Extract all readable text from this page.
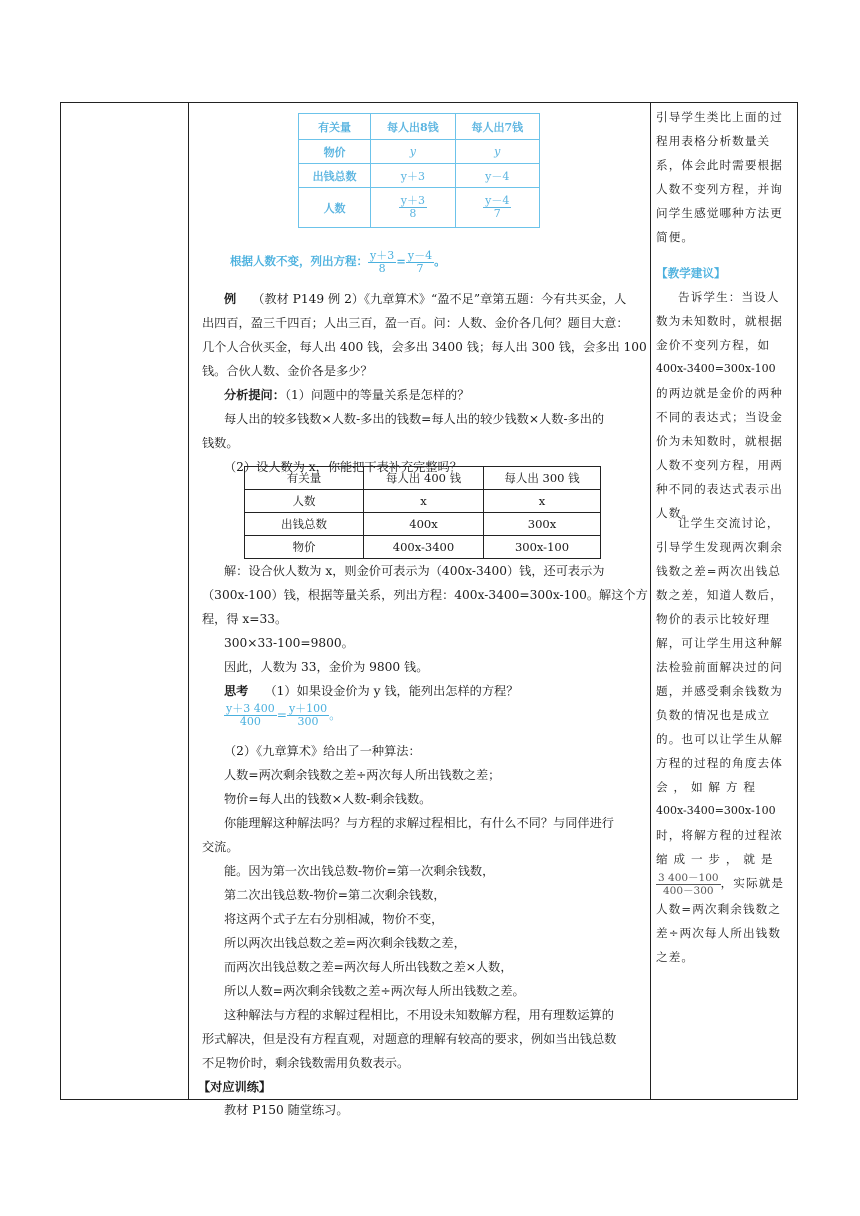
有关量	每人出8钱	每人出7钱
物价	y	y
出钱总数	y＋3	y－4
人数	$\frac{y+3}{8}$	$\frac{y-4}{7}$
根据人数不变，列出方程： $\frac{y+3}{8} = \frac{y-4}{7}$ 。
例　 （教材 P149 例 2）《九章算术》“盈不足”章第五题：今有共买金，人
出四百，盈三千四百；人出三百，盈一百。问：人数、金价各几何？题目大意：
几个人合伙买金，每人出 400 钱，会多出 3400 钱；每人出 300 钱，会多出 100
钱。合伙人数、金价各是多少？
分析提问：（1）问题中的等量关系是怎样的？
每人出的较多钱数×人数-多出的钱数=每人出的较少钱数×人数-多出的
钱数。
（2）设人数为 x，你能把下表补充完整吗？
有关量	每人出 400 钱	每人出 300 钱
人数	x	x
出钱总数	400x	300x
物价	400x-3400	300x-100
解：设合伙人数为 x，则金价可表示为（400x-3400）钱，还可表示为
（300x-100）钱，根据等量关系，列出方程：400x-3400=300x-100。解这个方
程，得 x=33。
300×33-100=9800。
因此，人数为 33，金价为 9800 钱。
思考　 （1）如果设金价为 y 钱，能列出怎样的方程？
$\frac{y+3 400}{400} = \frac{y+100}{300}$ 。
（2）《九章算术》给出了一种算法：
人数=两次剩余钱数之差÷两次每人所出钱数之差；
物价=每人出的钱数×人数-剩余钱数。
你能理解这种解法吗？与方程的求解过程相比，有什么不同？与同伴进行
交流。
能。因为第一次出钱总数-物价=第一次剩余钱数，
第二次出钱总数-物价=第二次剩余钱数，
将这两个式子左右分别相减，物价不变，
所以两次出钱总数之差=两次剩余钱数之差，
而两次出钱总数之差=两次每人所出钱数之差×人数，
所以人数=两次剩余钱数之差÷两次每人所出钱数之差。
这种解法与方程的求解过程相比，不用设未知数解方程，用有理数运算的
形式解决，但是没有方程直观，对题意的理解有较高的要求，例如当出钱总数
不足物价时，剩余钱数需用负数表示。
【对应训练】
教材 P150 随堂练习。
引导学生类比上面的过
程用表格分析数量关
系，体会此时需要根据
人数不变列方程，并询
问学生感觉哪种方法更
简便。
【教学建议】
告诉学生：当设人
数为未知数时，就根据
金价不变列方程，如
400x-3400=300x-100
的两边就是金价的两种
不同的表达式；当设金
价为未知数时，就根据
人数不变列方程，用两
种不同的表达式表示出
人数。
让学生交流讨论，
引导学生发现两次剩余
钱数之差=两次出钱总
数之差，知道人数后，
物价的表示比较好理
解，可让学生用这种解
法检验前面解决过的问
题，并感受剩余钱数为
负数的情况也是成立
的。也可以让学生从解
方程的过程的角度去体
会 ， 如 解 方 程
400x-3400=300x-100
时，将解方程的过程浓
缩 成 一 步 ， 就 是
$\frac{3 400-100}{400-300}$ ，实际就是
人数=两次剩余钱数之
差÷两次每人所出钱数
之差。
